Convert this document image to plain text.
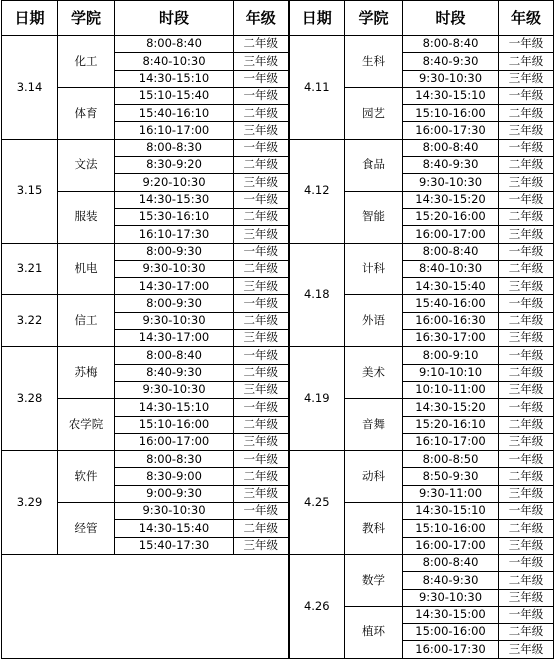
日期	学院	时段	年级	日期	学院	时段	年级
3.14	化工	8:00-8:40	二年级	4.11	生科	8:00-8:40	一年级
		8:40-10:30	三年级			8:40-9:30	二年级
		14:30-15:10	一年级			9:30-10:30	三年级
	体育	15:10-15:40	一年级		园艺	14:30-15:10	一年级
		15:40-16:10	二年级			15:10-16:00	二年级
		16:10-17:00	三年级			16:00-17:30	三年级
3.15	文法	8:00-8:30	一年级	4.12	食品	8:00-8:40	一年级
		8:30-9:20	二年级			8:40-9:30	二年级
		9:20-10:30	三年级			9:30-10:30	三年级
	服装	14:30-15:30	一年级		智能	14:30-15:20	一年级
		15:30-16:10	二年级			15:20-16:00	二年级
		16:10-17:30	三年级			16:00-17:00	三年级
3.21	机电	8:00-9:30	一年级	4.18	计科	8:00-8:40	一年级
		9:30-10:30	二年级			8:40-10:30	二年级
		14:30-17:00	三年级			14:30-15:40	三年级
3.22	信工	8:00-9:30	一年级		外语	15:40-16:00	一年级
		9:30-10:30	二年级			16:00-16:30	二年级
		14:30-17:00	三年级			16:30-17:00	三年级
3.28	苏梅	8:00-8:40	一年级	4.19	美术	8:00-9:10	一年级
		8:40-9:30	二年级			9:10-10:10	二年级
		9:30-10:30	三年级			10:10-11:00	三年级
	农学院	14:30-15:10	一年级		音舞	14:30-15:20	一年级
		15:10-16:00	二年级			15:20-16:10	二年级
		16:00-17:00	三年级			16:10-17:00	三年级
3.29	软件	8:00-8:30	一年级	4.25	动科	8:00-8:50	一年级
		8:30-9:00	二年级			8:50-9:30	二年级
		9:00-9:30	三年级			9:30-11:00	三年级
	经管	9:30-10:30	一年级		教科	14:30-15:10	一年级
		14:30-15:40	二年级			15:10-16:00	二年级
		15:40-17:30	三年级			16:00-17:00	三年级
				4.26	数学	8:00-8:40	一年级
						8:40-9:30	二年级
						9:30-10:30	三年级
					植环	14:30-15:00	一年级
						15:00-16:00	二年级
						16:00-17:30	三年级
